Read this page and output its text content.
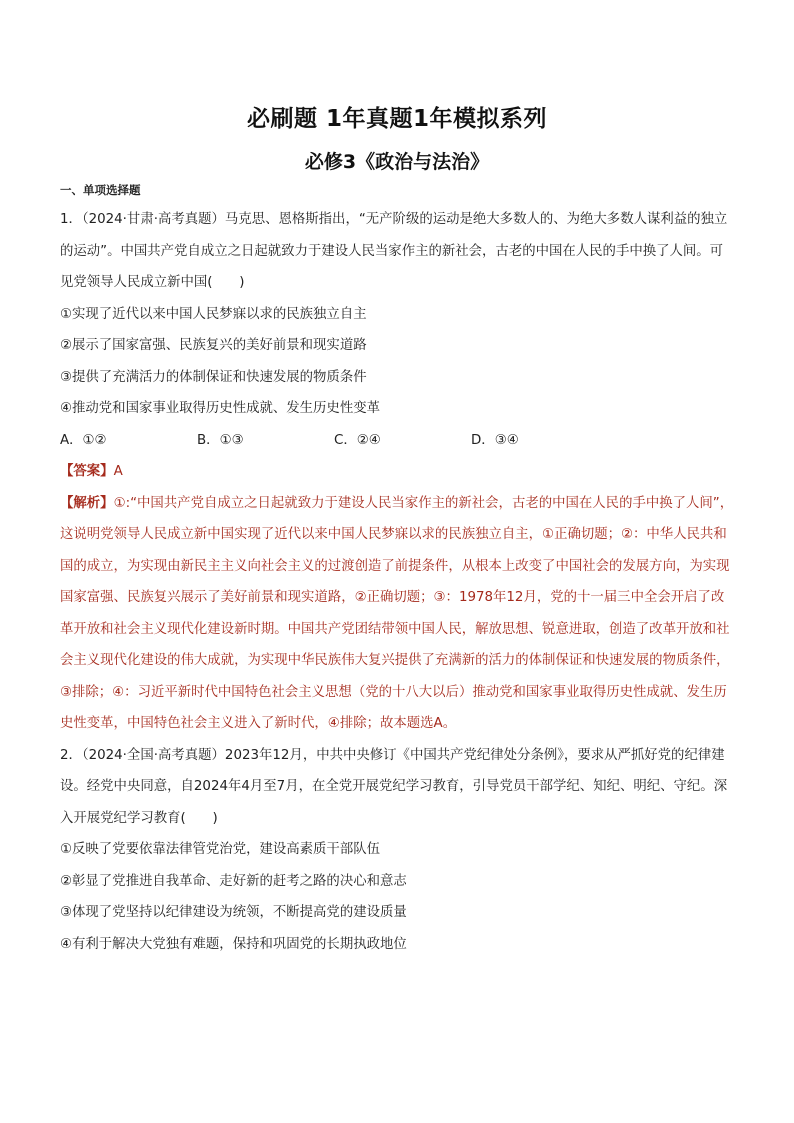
必刷题 1年真题1年模拟系列
必修3《政治与法治》
一、单项选择题

1．（2024·甘肃·高考真题）马克思、恩格斯指出，“无产阶级的运动是绝大多数人的、为绝大多数人谋利益的独立的运动”。中国共产党自成立之日起就致力于建设人民当家作主的新社会，古老的中国在人民的手中换了人间。可见党领导人民成立新中国(　　)

①实现了近代以来中国人民梦寐以求的民族独立自主

②展示了国家富强、民族复兴的美好前景和现实道路

③提供了充满活力的体制保证和快速发展的物质条件

④推动党和国家事业取得历史性成就、发生历史性变革

A．①②	B．①③	C．②④	D．③④

【答案】A

【解析】①:“中国共产党自成立之日起就致力于建设人民当家作主的新社会，古老的中国在人民的手中换了人间”，这说明党领导人民成立新中国实现了近代以来中国人民梦寐以求的民族独立自主，①正确切题；②：中华人民共和国的成立，为实现由新民主主义向社会主义的过渡创造了前提条件，从根本上改变了中国社会的发展方向，为实现国家富强、民族复兴展示了美好前景和现实道路，②正确切题；③：1978年12月，党的十一届三中全会开启了改革开放和社会主义现代化建设新时期。中国共产党团结带领中国人民，解放思想、锐意进取，创造了改革开放和社会主义现代化建设的伟大成就，为实现中华民族伟大复兴提供了充满新的活力的体制保证和快速发展的物质条件，③排除；④：习近平新时代中国特色社会主义思想（党的十八大以后）推动党和国家事业取得历史性成就、发生历史性变革，中国特色社会主义进入了新时代，④排除；故本题选A。

2．（2024·全国·高考真题）2023年12月，中共中央修订《中国共产党纪律处分条例》，要求从严抓好党的纪律建设。经党中央同意，自2024年4月至7月，在全党开展党纪学习教育，引导党员干部学纪、知纪、明纪、守纪。深入开展党纪学习教育(　　)

①反映了党要依靠法律管党治党，建设高素质干部队伍

②彰显了党推进自我革命、走好新的赶考之路的决心和意志

③体现了党坚持以纪律建设为统领，不断提高党的建设质量

④有利于解决大党独有难题，保持和巩固党的长期执政地位
